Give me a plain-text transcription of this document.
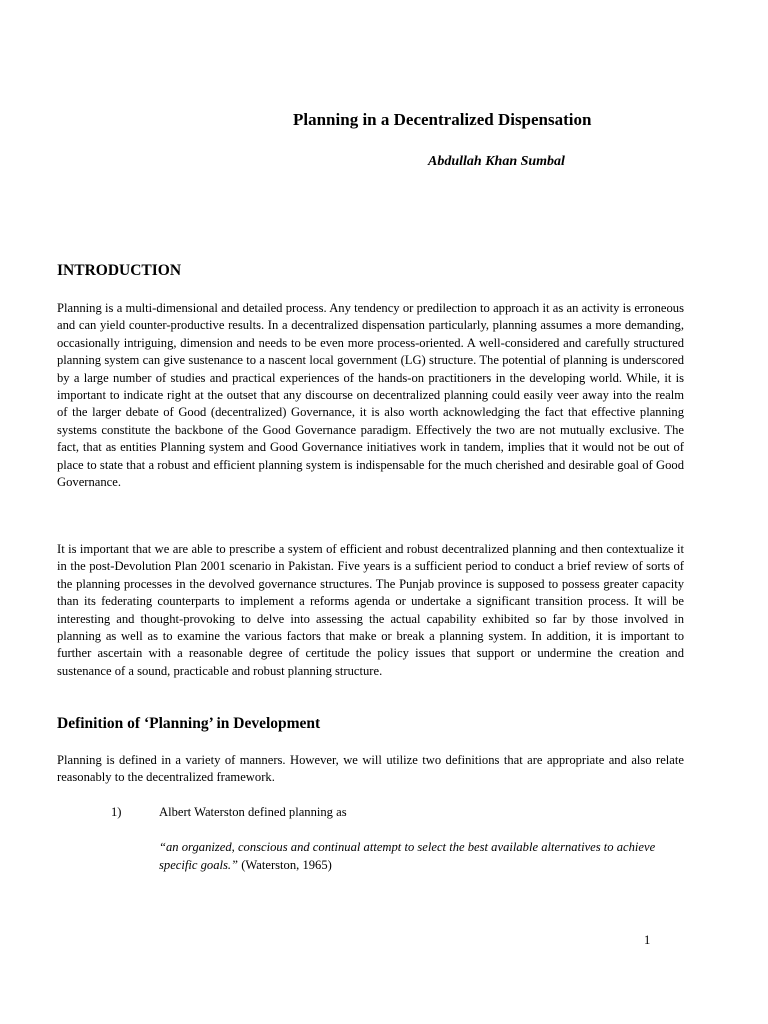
Planning in a Decentralized Dispensation

Abdullah Khan Sumbal

INTRODUCTION

Planning is a multi-dimensional and detailed process. Any tendency or predilection to approach it as an activity is erroneous and can yield counter-productive results. In a decentralized dispensation particularly, planning assumes a more demanding, occasionally intriguing, dimension and needs to be even more process-oriented. A well-considered and carefully structured planning system can give sustenance to a nascent local government (LG) structure. The potential of planning is underscored by a large number of studies and practical experiences of the hands-on practitioners in the developing world. While, it is important to indicate right at the outset that any discourse on decentralized planning could easily veer away into the realm of the larger debate of Good (decentralized) Governance, it is also worth acknowledging the fact that effective planning systems constitute the backbone of the Good Governance paradigm. Effectively the two are not mutually exclusive. The fact, that as entities Planning system and Good Governance initiatives work in tandem, implies that it would not be out of place to state that a robust and efficient planning system is indispensable for the much cherished and desirable goal of Good Governance.

It is important that we are able to prescribe a system of efficient and robust decentralized planning and then contextualize it in the post-Devolution Plan 2001 scenario in Pakistan. Five years is a sufficient period to conduct a brief review of sorts of the planning processes in the devolved governance structures. The Punjab province is supposed to possess greater capacity than its federating counterparts to implement a reforms agenda or undertake a significant transition process. It will be interesting and thought-provoking to delve into assessing the actual capability exhibited so far by those involved in planning as well as to examine the various factors that make or break a planning system. In addition, it is important to further ascertain with a reasonable degree of certitude the policy issues that support or undermine the creation and sustenance of a sound, practicable and robust planning structure.

Definition of ‘Planning’ in Development

Planning is defined in a variety of manners. However, we will utilize two definitions that are appropriate and also relate reasonably to the decentralized framework.

1)	Albert Waterston defined planning as

“an organized, conscious and continual attempt to select the best available alternatives to achieve specific goals.” (Waterston, 1965)

1
